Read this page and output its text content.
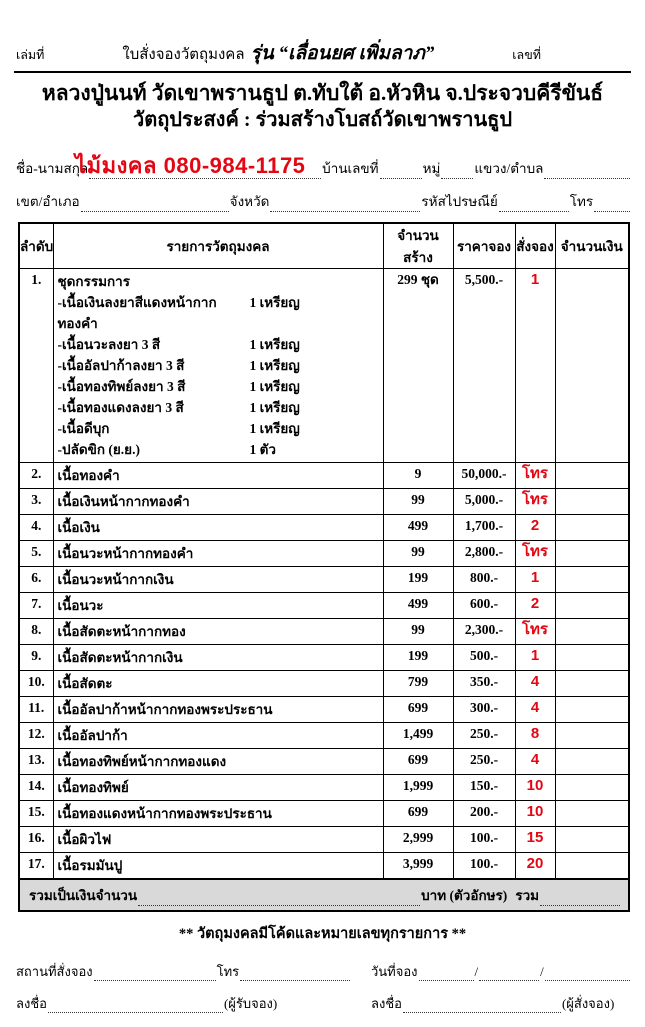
เล่มที่	ใบสั่งจองวัตถุมงคล รุ่น “เลื่อนยศ เพิ่มลาภ”	เลขที่
หลวงปู่นนท์ วัดเขาพรานธูป ต.ทับใต้ อ.หัวหิน จ.ประจวบคีรีขันธ์
วัตถุประสงค์ : ร่วมสร้างโบสถ์วัดเขาพรานธูป
ไม้มงคล 080-984-1175
ชื่อ-นามสกุล	บ้านเลขที่	หมู่	แขวง/ตำบล
เขต/อำเภอ	จังหวัด	รหัสไปรษณีย์	โทร
ลำดับ	รายการวัตถุมงคล	จำนวนสร้าง	ราคาจอง	สั่งจอง	จำนวนเงิน
1.	ชุดกรรมการ
-เนื้อเงินลงยาสีแดงหน้ากากทองคำ
1 เหรียญ
-เนื้อนวะลงยา 3 สี	1 เหรียญ
-เนื้ออัลปาก้าลงยา 3 สี	1 เหรียญ
-เนื้อทองทิพย์ลงยา 3 สี	1 เหรียญ
-เนื้อทองแดงลงยา 3 สี	1 เหรียญ
-เนื้อดีบุก	1 เหรียญ
-ปลัดขิก (ย.ย.)	1 ตัว
	299 ชุด	5,500.-	1	
2.	เนื้อทองคำ	9	50,000.-	โทร	
3.	เนื้อเงินหน้ากากทองคำ	99	5,000.-	โทร	
4.	เนื้อเงิน	499	1,700.-	2	
5.	เนื้อนวะหน้ากากทองคำ	99	2,800.-	โทร	
6.	เนื้อนวะหน้ากากเงิน	199	800.-	1	
7.	เนื้อนวะ	499	600.-	2	
8.	เนื้อสัดตะหน้ากากทอง	99	2,300.-	โทร	
9.	เนื้อสัดตะหน้ากากเงิน	199	500.-	1	
10.	เนื้อสัดตะ	799	350.-	4	
11.	เนื้ออัลปาก้าหน้ากากทองพระประธาน	699	300.-	4	
12.	เนื้ออัลปาก้า	1,499	250.-	8	
13.	เนื้อทองทิพย์หน้ากากทองแดง	699	250.-	4	
14.	เนื้อทองทิพย์	1,999	150.-	10	
15.	เนื้อทองแดงหน้ากากทองพระประธาน	699	200.-	10	
16.	เนื้อผิวไฟ	2,999	100.-	15	
17.	เนื้อรมมันปู	3,999	100.-	20	

รวมเป็นเงินจำนวน บาท (ตัวอักษร) รวม					
** วัตถุมงคลมีโค้ดและหมายเลขทุกรายการ **
สถานที่สั่งจอง	โทร
ลงชื่อ	(ผู้รับจอง)
วันที่จอง	/	/
ลงชื่อ	(ผู้สั่งจอง)
